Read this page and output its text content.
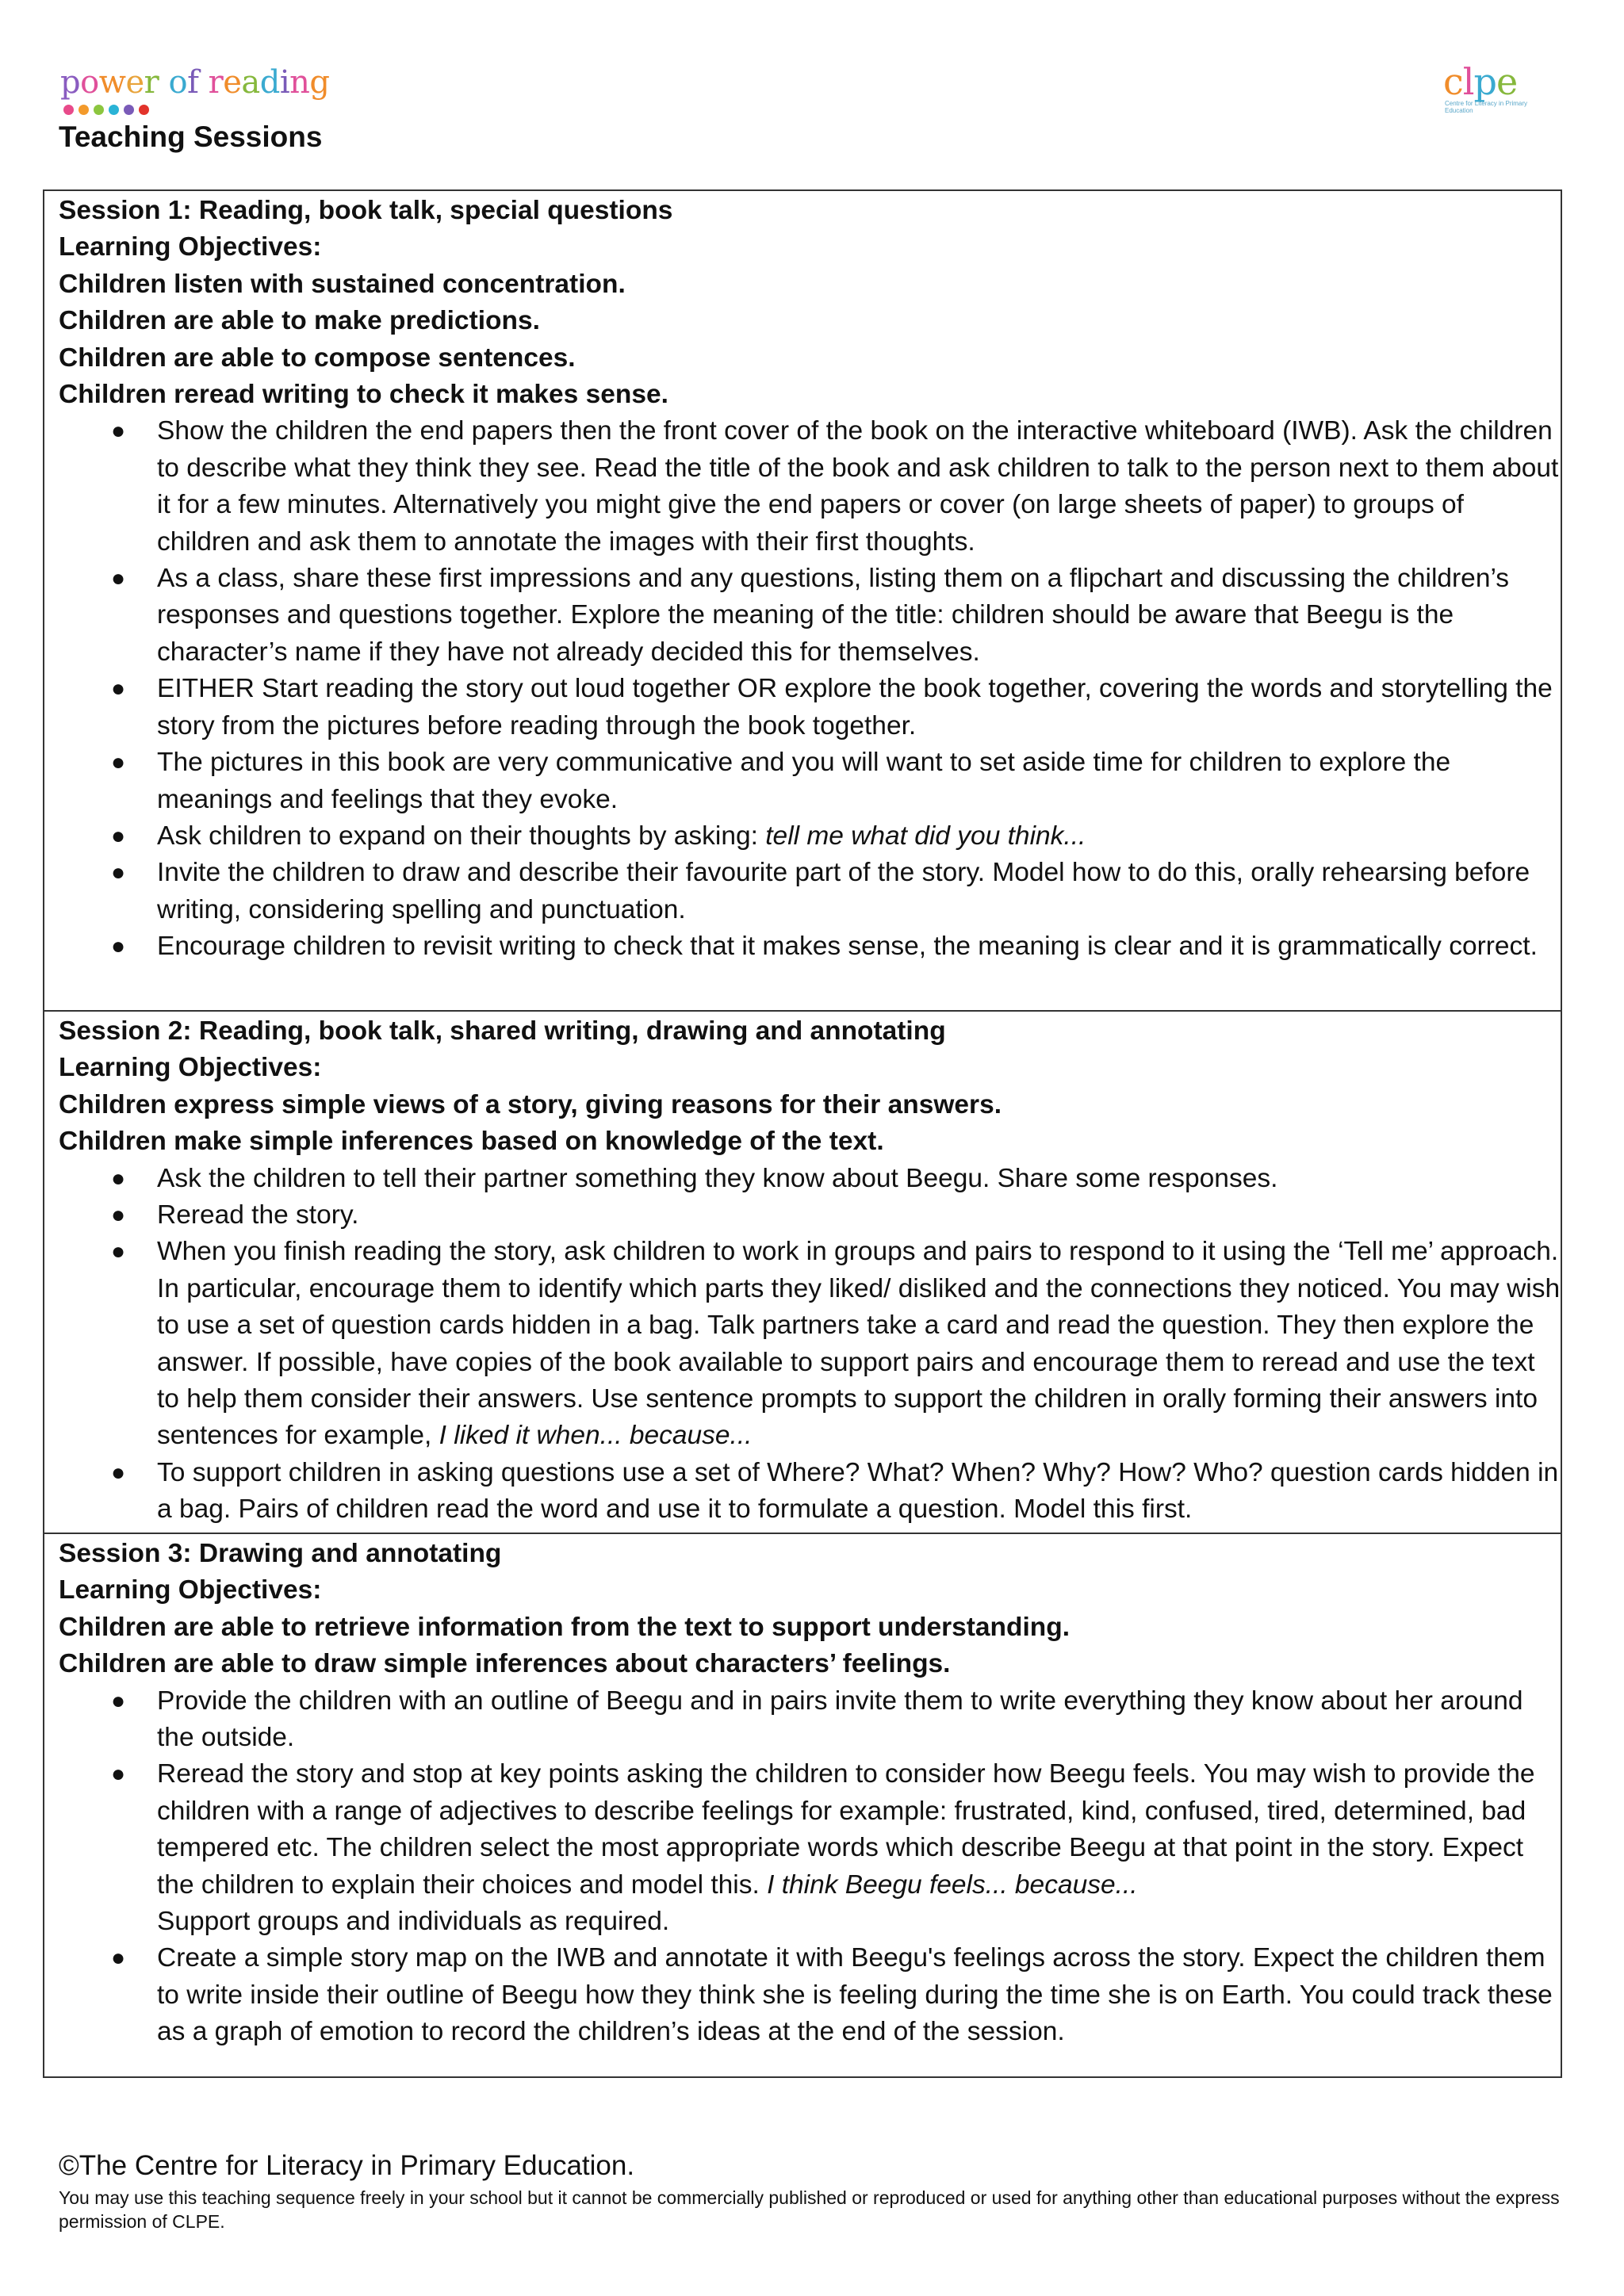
power of reading	clpe
Centre for Literacy in Primary Education
Teaching Sessions
Session 1: Reading, book talk, special questions
Learning Objectives:
Children listen with sustained concentration.
Children are able to make predictions.
Children are able to compose sentences.
Children reread writing to check it makes sense.
● Show the children the end papers then the front cover of the book on the interactive whiteboard (IWB). Ask the children to describe what they think they see. Read the title of the book and ask children to talk to the person next to them about it for a few minutes. Alternatively you might give the end papers or cover (on large sheets of paper) to groups of children and ask them to annotate the images with their first thoughts.
● As a class, share these first impressions and any questions, listing them on a flipchart and discussing the children’s responses and questions together. Explore the meaning of the title: children should be aware that Beegu is the character’s name if they have not already decided this for themselves.
● EITHER Start reading the story out loud together OR explore the book together, covering the words and storytelling the story from the pictures before reading through the book together.
● The pictures in this book are very communicative and you will want to set aside time for children to explore the meanings and feelings that they evoke.
● Ask children to expand on their thoughts by asking: tell me what did you think...
● Invite the children to draw and describe their favourite part of the story. Model how to do this, orally rehearsing before writing, considering spelling and punctuation.
● Encourage children to revisit writing to check that it makes sense, the meaning is clear and it is grammatically correct.
Session 2: Reading, book talk, shared writing, drawing and annotating
Learning Objectives:
Children express simple views of a story, giving reasons for their answers.
Children make simple inferences based on knowledge of the text.
● Ask the children to tell their partner something they know about Beegu. Share some responses.
● Reread the story.
● When you finish reading the story, ask children to work in groups and pairs to respond to it using the ‘Tell me’ approach. In particular, encourage them to identify which parts they liked/ disliked and the connections they noticed. You may wish to use a set of question cards hidden in a bag. Talk partners take a card and read the question. They then explore the answer. If possible, have copies of the book available to support pairs and encourage them to reread and use the text to help them consider their answers. Use sentence prompts to support the children in orally forming their answers into sentences for example, I liked it when... because...
● To support children in asking questions use a set of Where? What? When? Why? How? Who? question cards hidden in a bag. Pairs of children read the word and use it to formulate a question. Model this first.
Session 3: Drawing and annotating
Learning Objectives:
Children are able to retrieve information from the text to support understanding.
Children are able to draw simple inferences about characters’ feelings.
● Provide the children with an outline of Beegu and in pairs invite them to write everything they know about her around the outside.
● Reread the story and stop at key points asking the children to consider how Beegu feels. You may wish to provide the children with a range of adjectives to describe feelings for example: frustrated, kind, confused, tired, determined, bad tempered etc. The children select the most appropriate words which describe Beegu at that point in the story. Expect the children to explain their choices and model this. I think Beegu feels... because...
Support groups and individuals as required.
● Create a simple story map on the IWB and annotate it with Beegu's feelings across the story. Expect the children them to write inside their outline of Beegu how they think she is feeling during the time she is on Earth. You could track these as a graph of emotion to record the children’s ideas at the end of the session.
©The Centre for Literacy in Primary Education.
You may use this teaching sequence freely in your school but it cannot be commercially published or reproduced or used for anything other than educational purposes without the express permission of CLPE.
